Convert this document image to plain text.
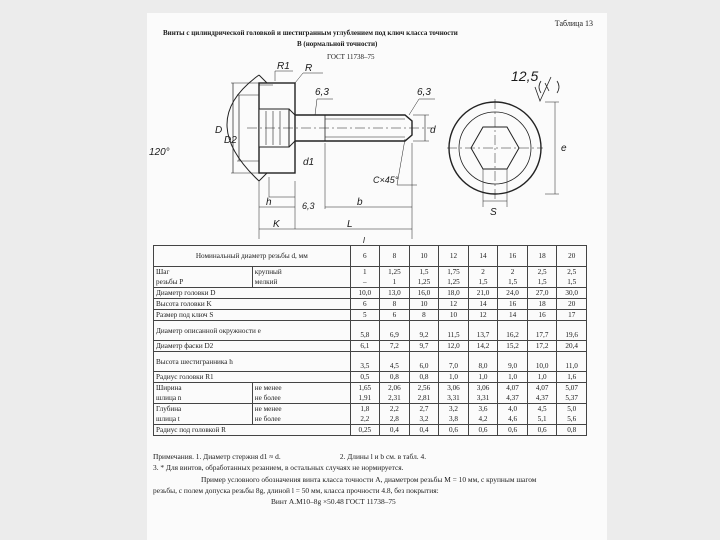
Таблица 13
Винты с цилиндрической головкой и шестигранным углублением под ключ класса точности
В (нормальной точности)
ГОСТ 11738–75
R1 R
6,3	6,3
120°
D
D2
d1
d
e
S
h
K
b
L
l
C×45°
6,3
12,5
Номинальный диаметр резьбы d, мм		6	8	10	12	14	16	18	20
Шаг	крупный	1	1,25	1,5	1,75	2	2	2,5	2,5
резьбы P	мелкий	–	1	1,25	1,25	1,5	1,5	1,5	1,5
Диаметр головки D		10,0	13,0	16,0	18,0	21,0	24,0	27,0	30,0
Высота головки K		6	8	10	12	14	16	18	20
Размер под ключ S		5	6	8	10	12	14	16	17
Диаметр описанной окружности e		5,8	6,9	9,2	11,5	13,7	16,2	17,7	19,6
Диаметр фаски D2		6,1	7,2	9,7	12,0	14,2	15,2	17,2	20,4
Высота шестигранника h		3,5	4,5	6,0	7,0	8,0	9,0	10,0	11,0
Радиус головки R1		0,5	0,8	0,8	1,0	1,0	1,0	1,0	1,6
Ширина	не менее	1,65	2,06	2,56	3,06	3,06	4,07	4,07	5,07
шлица n	не более	1,91	2,31	2,81	3,31	3,31	4,37	4,37	5,37
Глубина	не менее	1,8	2,2	2,7	3,2	3,6	4,0	4,5	5,0
шлица t	не более	2,2	2,8	3,2	3,8	4,2	4,6	5,1	5,6
Радиус под головкой R		0,25	0,4	0,4	0,6	0,6	0,6	0,6	0,8
Примечания. 1. Диаметр стержня d1 ≈ d.	2. Длины l и b см. в табл. 4.
3. * Для винтов, обработанных резанием, в остальных случаях не нормируется.
Пример условного обозначения винта класса точности А, диаметром резьбы М = 10 мм, с крупным шагом
резьбы, с полем допуска резьбы 8g, длиной l = 50 мм, класса прочности 4.8, без покрытия:
Винт А.М10–8g ×50.48 ГОСТ 11738–75
